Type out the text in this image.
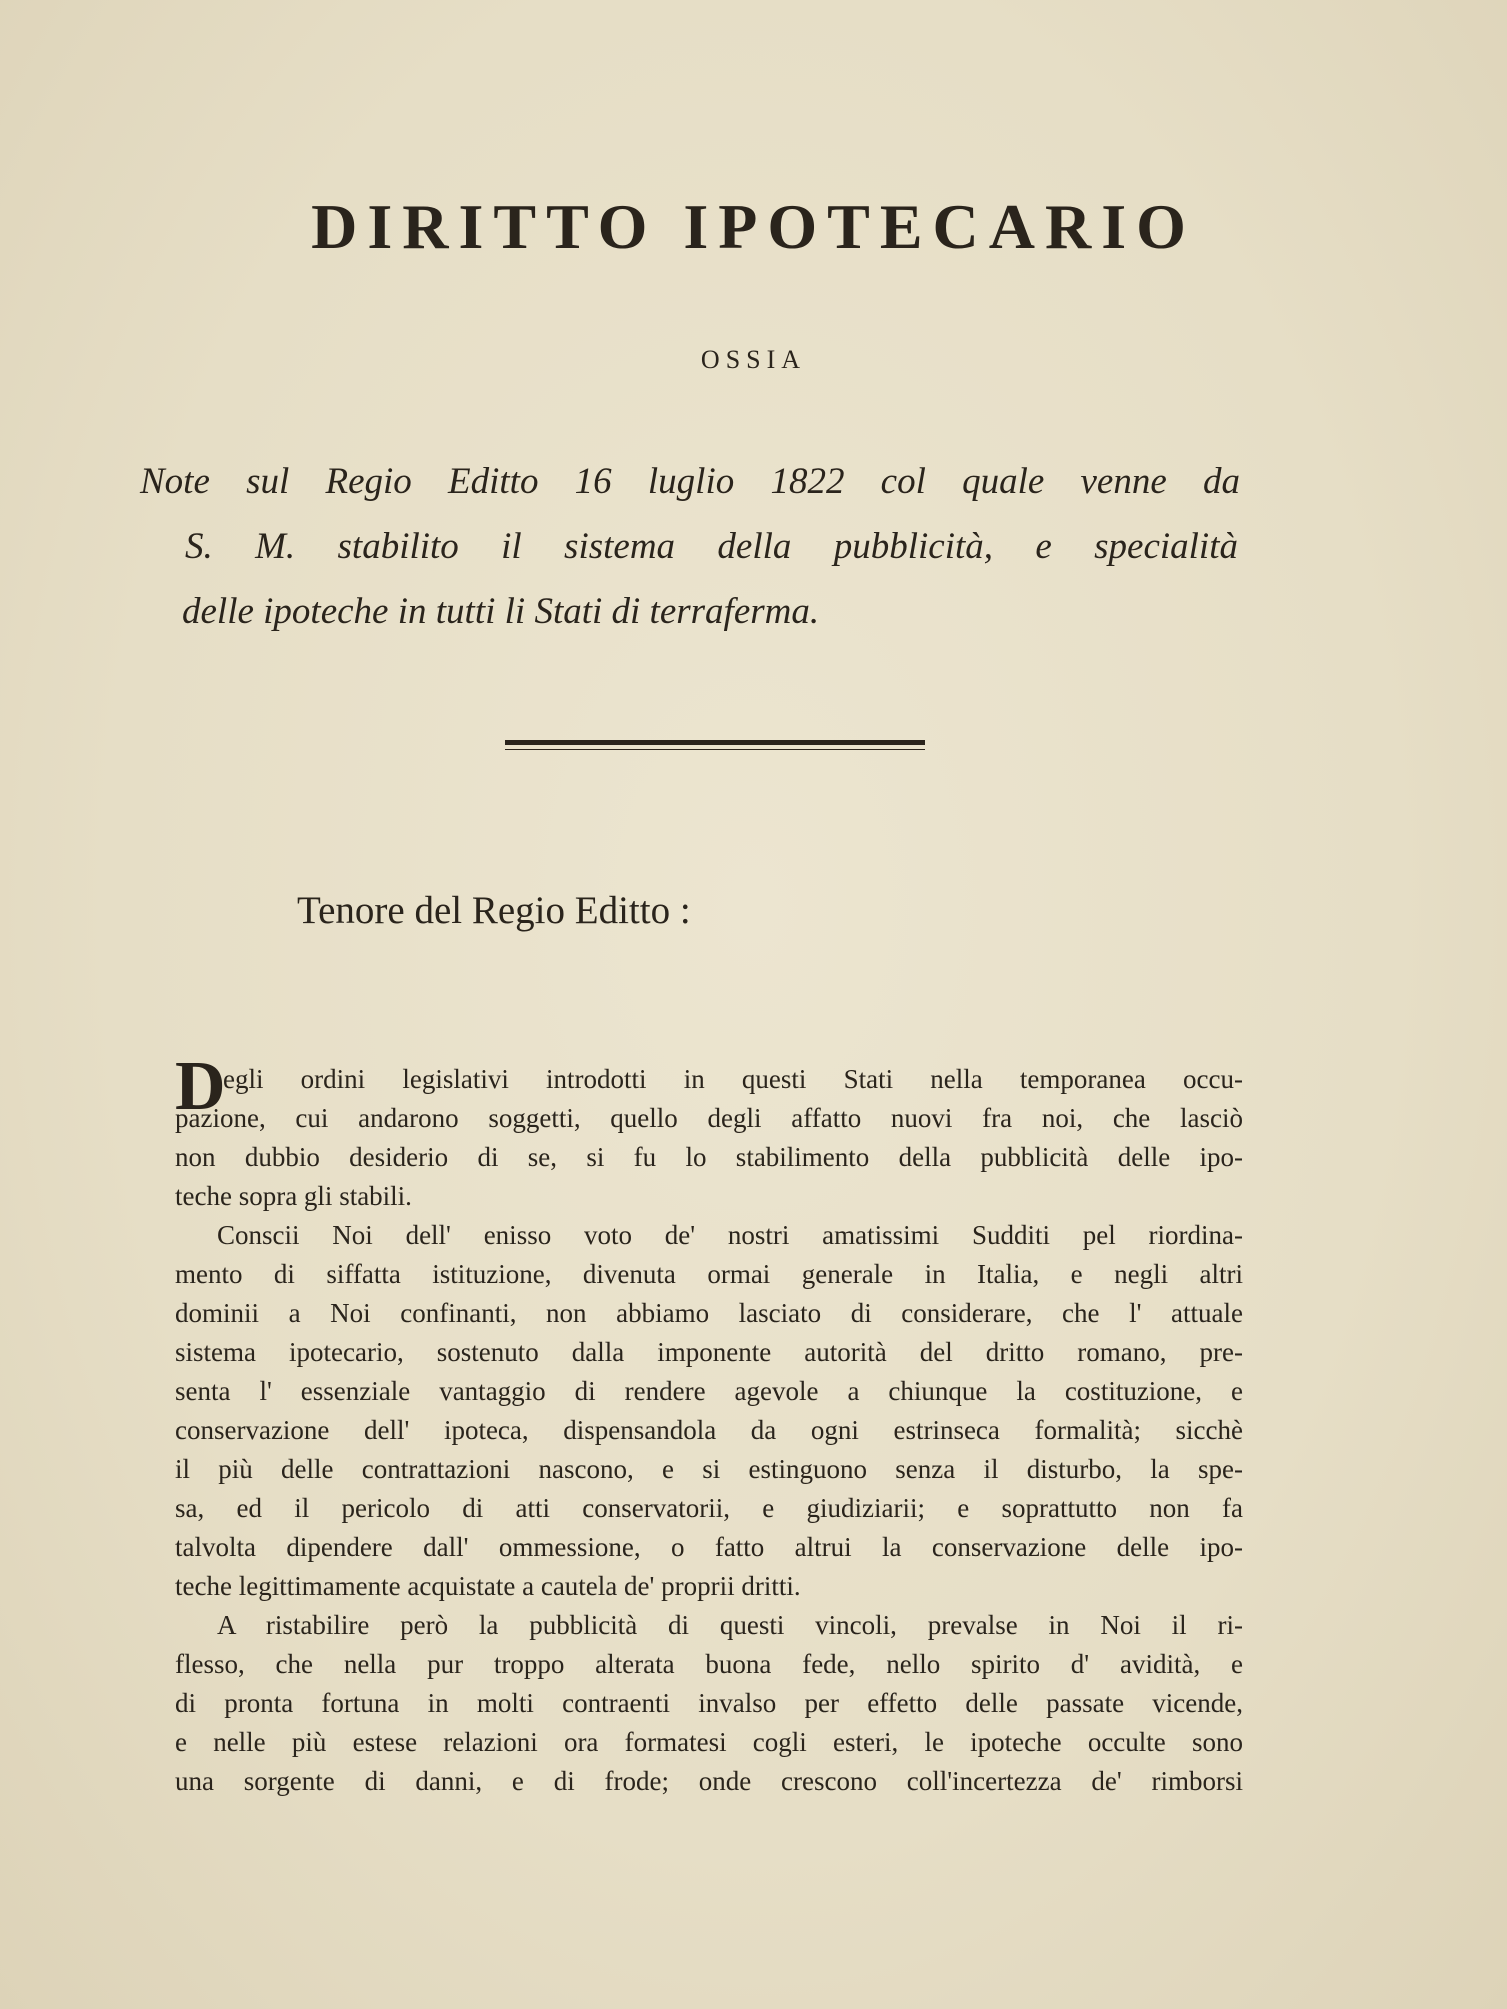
DIRITTO IPOTECARIO
OSSIA
Note sul Regio Editto 16 luglio 1822 col quale venne da
S. M. stabilito il sistema della pubblicità, e specialità
delle ipoteche in tutti li Stati di terraferma.
Tenore del Regio Editto :
D
egli ordini legislativi introdotti in questi Stati nella temporanea occu-
pazione, cui andarono soggetti, quello degli affatto nuovi fra noi, che lasciò
non dubbio desiderio di se, si fu lo stabilimento della pubblicità delle ipo-
teche sopra gli stabili.
Conscii Noi dell' enisso voto de' nostri amatissimi Sudditi pel riordina-
mento di siffatta istituzione, divenuta ormai generale in Italia, e negli altri
dominii a Noi confinanti, non abbiamo lasciato di considerare, che l' attuale
sistema ipotecario, sostenuto dalla imponente autorità del dritto romano, pre-
senta l' essenziale vantaggio di rendere agevole a chiunque la costituzione, e
conservazione dell' ipoteca, dispensandola da ogni estrinseca formalità; sicchè
il più delle contrattazioni nascono, e si estinguono senza il disturbo, la spe-
sa, ed il pericolo di atti conservatorii, e giudiziarii; e soprattutto non fa
talvolta dipendere dall' ommessione, o fatto altrui la conservazione delle ipo-
teche legittimamente acquistate a cautela de' proprii dritti.
A ristabilire però la pubblicità di questi vincoli, prevalse in Noi il ri-
flesso, che nella pur troppo alterata buona fede, nello spirito d' avidità, e
di pronta fortuna in molti contraenti invalso per effetto delle passate vicende,
e nelle più estese relazioni ora formatesi cogli esteri, le ipoteche occulte sono
una sorgente di danni, e di frode; onde crescono coll'incertezza de' rimborsi
